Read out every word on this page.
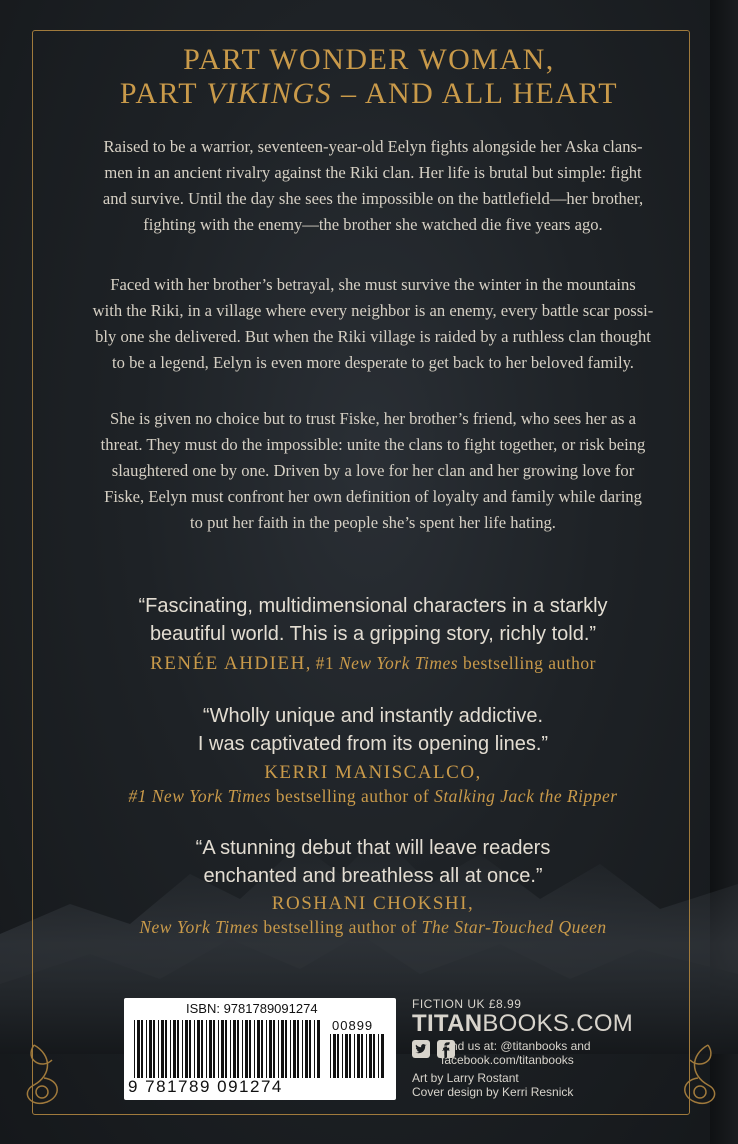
PART WONDER WOMAN,
PART VIKINGS – AND ALL HEART
Raised to be a warrior, seventeen-year-old Eelyn fights alongside her Aska clans-
men in an ancient rivalry against the Riki clan. Her life is brutal but simple: fight
and survive. Until the day she sees the impossible on the battlefield—her brother,
fighting with the enemy—the brother she watched die five years ago.
Faced with her brother’s betrayal, she must survive the winter in the mountains
with the Riki, in a village where every neighbor is an enemy, every battle scar possi-
bly one she delivered. But when the Riki village is raided by a ruthless clan thought
to be a legend, Eelyn is even more desperate to get back to her beloved family.
She is given no choice but to trust Fiske, her brother’s friend, who sees her as a
threat. They must do the impossible: unite the clans to fight together, or risk being
slaughtered one by one. Driven by a love for her clan and her growing love for
Fiske, Eelyn must confront her own definition of loyalty and family while daring
to put her faith in the people she’s spent her life hating.
“Fascinating, multidimensional characters in a starkly
beautiful world. This is a gripping story, richly told.”
RENÉE AHDIEH, #1 New York Times bestselling author
“Wholly unique and instantly addictive.
I was captivated from its opening lines.”
KERRI MANISCALCO,
#1 New York Times bestselling author of Stalking Jack the Ripper
“A stunning debut that will leave readers
enchanted and breathless all at once.”
ROSHANI CHOKSHI,
New York Times bestselling author of The Star-Touched Queen
ISBN: 9781789091274
00899
9 781789 091274
FICTION UK £8.99
TITANBOOKS.COM

Find us at: @titanbooks and
facebook.com/titanbooks
Art by Larry Rostant
Cover design by Kerri Resnick
